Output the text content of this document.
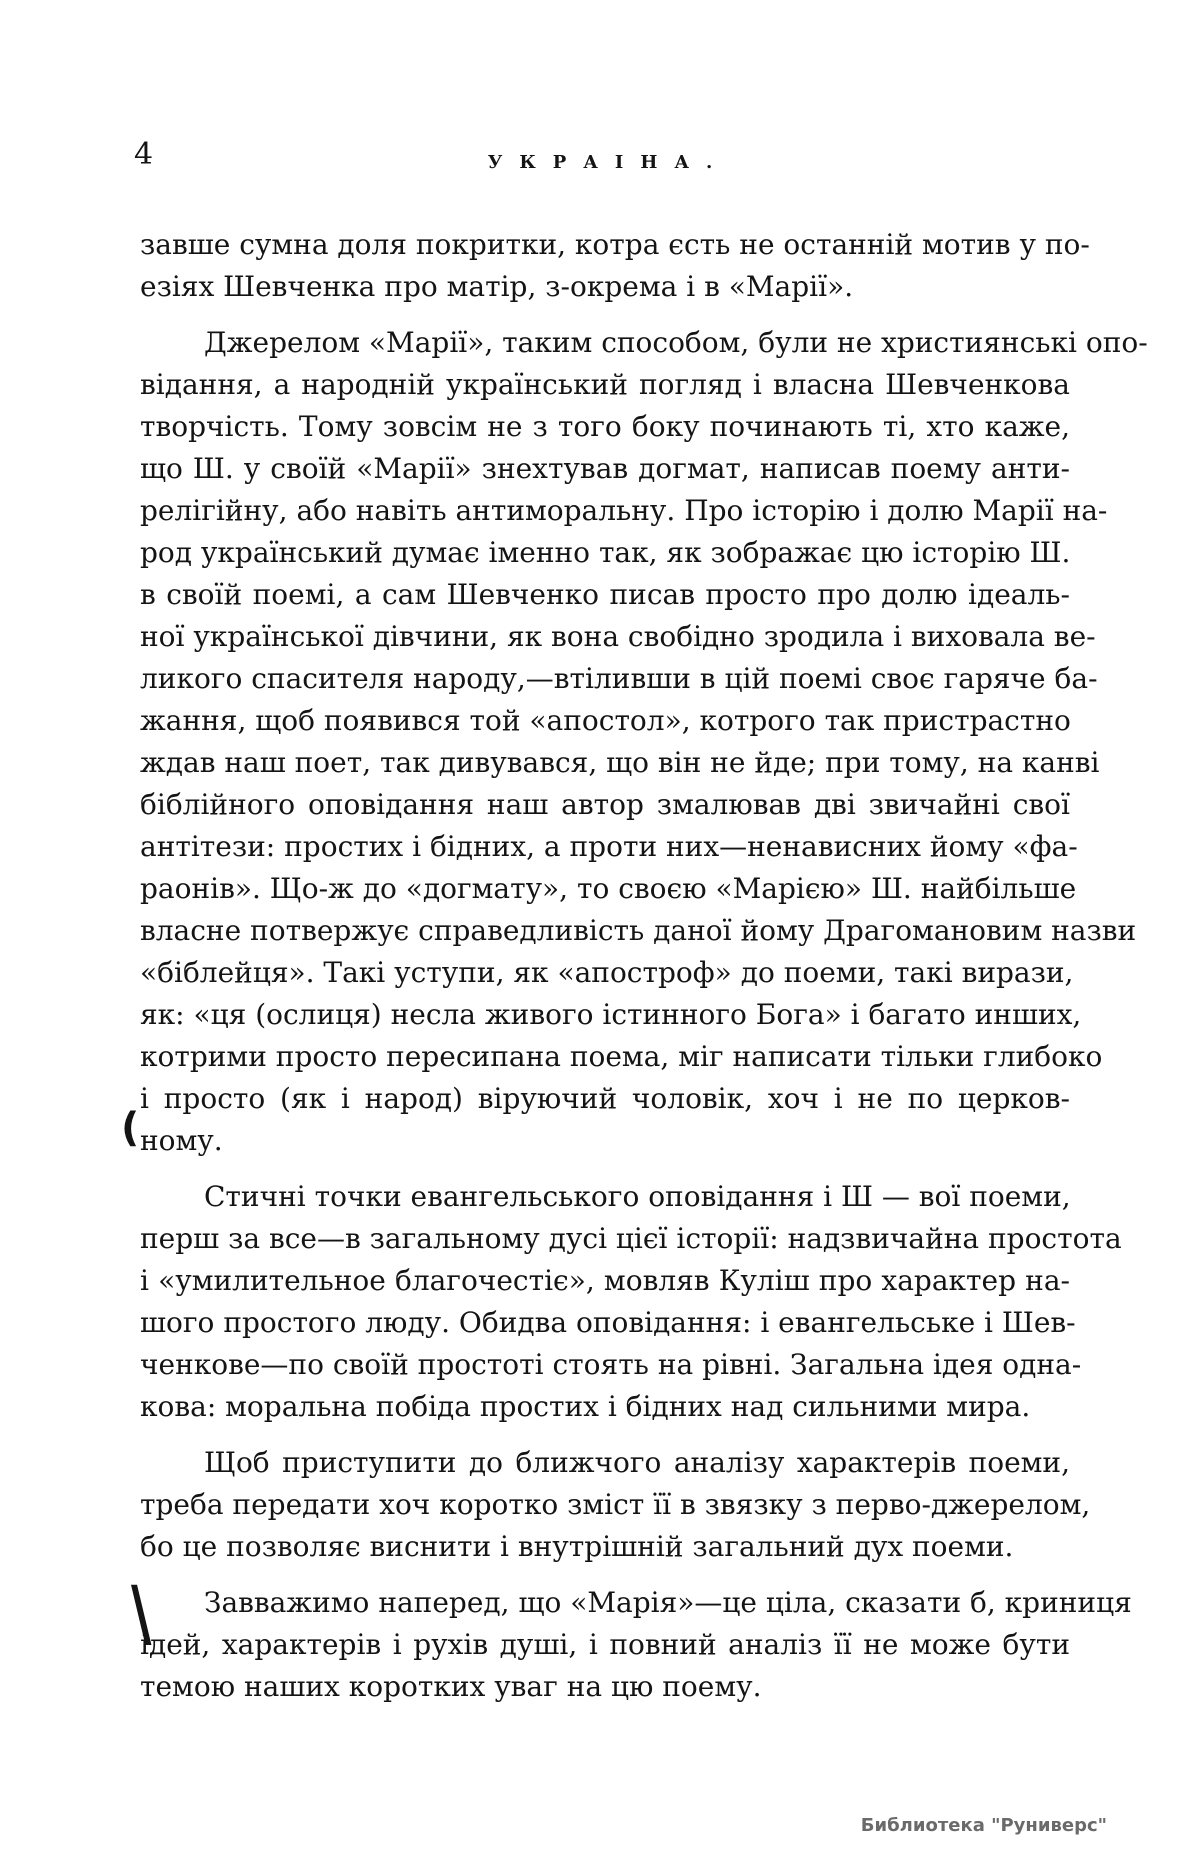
4	УКРАІНА.
завше сумна доля покритки, котра єсть не останній мотив у по-
езіях Шевченка про матір, з-окрема і в «Марії».
Джерелом «Марії», таким способом, були не християнські опо-
відання, а народній український погляд і власна Шевченкова
творчість. Тому зовсім не з того боку починають ті, хто каже,
що Ш. у своїй «Марії» знехтував догмат, написав поему анти-
релігійну, або навіть антиморальну. Про історію і долю Марії на-
род український думає іменно так, як зображає цю історію Ш.
в своїй поемі, а сам Шевченко писав просто про долю ідеаль-
ної української дівчини, як вона свобідно зродила і виховала ве-
ликого спасителя народу,—втіливши в цій поемі своє гаряче ба-
жання, щоб появився той «апостол», котрого так пристрастно
ждав наш поет, так дивувався, що він не йде; при тому, на канві
біблійного оповідання наш автор змалював дві звичайні свої
антітези: простих і бідних, а проти них—ненависних йому «фа-
раонів». Що-ж до «догмату», то своєю «Марією» Ш. найбільше
власне потвержує справедливість даної йому Драгомановим назви
«біблейця». Такі уступи, як «апостроф» до поеми, такі вирази,
як: «ця (ослиця) несла живого істинного Бога» і багато инших,
котрими просто пересипана поема, міг написати тільки глибоко
і просто (як і народ) віруючий чоловік, хоч і не по церков-
ному.
Стичні точки евангельського оповідання і Ш — вої поеми,
перш за все—в загальному дусі цієї історії: надзвичайна простота
і «умилительное благочестіє», мовляв Куліш про характер на-
шого простого люду. Обидва оповідання: і евангельське і Шев-
ченкове—по своїй простоті стоять на рівні. Загальна ідея одна-
кова: моральна побіда простих і бідних над сильними мира.
Щоб приступити до ближчого аналізу характерів поеми,
треба передати хоч коротко зміст її в звязку з перво-джерелом,
бо це позволяє виснити і внутрішній загальний дух поеми.
Завважимо наперед, що «Марія»—це ціла, сказати б, криниця
ідей, характерів і рухів душі, і повний аналіз її не може бути
темою наших коротких уваг на цю поему.
(
\
Библиотека "Руниверс"
